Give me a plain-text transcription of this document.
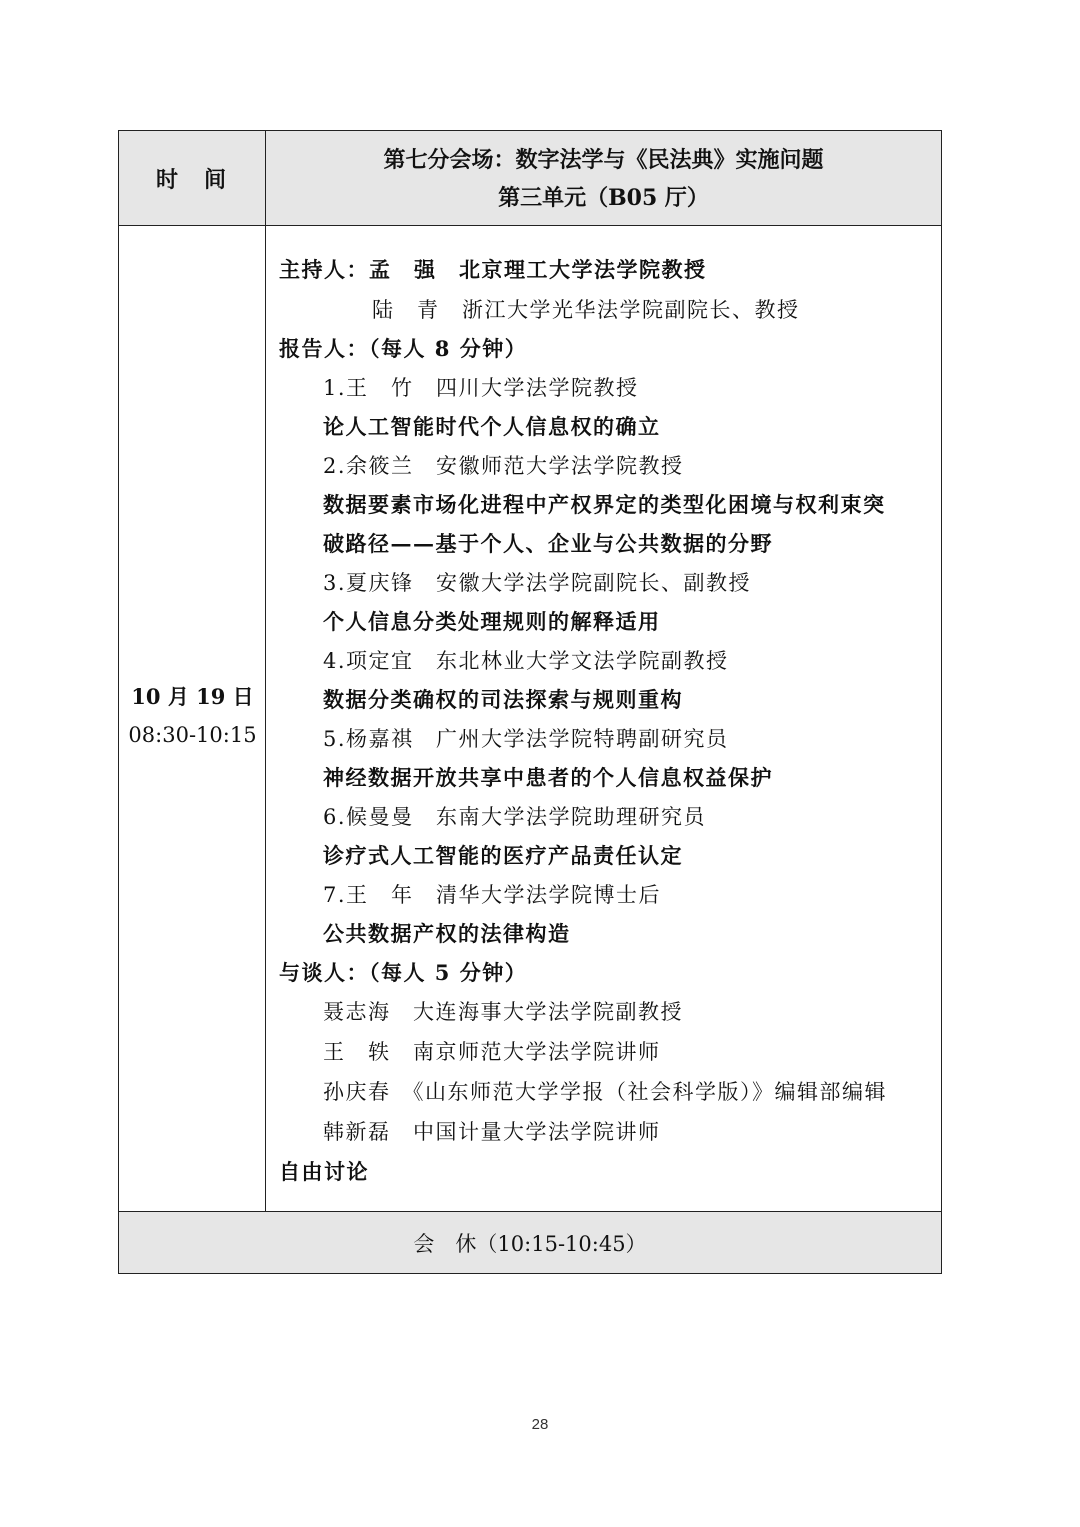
时　间
第七分会场：数字法学与《民法典》实施问题
第三单元（B05 厅）
10 月 19 日
08:30-10:15
主持人：孟　强　北京理工大学法学院教授
陆　青　浙江大学光华法学院副院长、教授
报告人：（每人 8 分钟）
1.王　竹　四川大学法学院教授
论人工智能时代个人信息权的确立
2.余筱兰　安徽师范大学法学院教授
数据要素市场化进程中产权界定的类型化困境与权利束突
破路径——基于个人、企业与公共数据的分野
3.夏庆锋　安徽大学法学院副院长、副教授
个人信息分类处理规则的解释适用
4.项定宜　东北林业大学文法学院副教授
数据分类确权的司法探索与规则重构
5.杨嘉祺　广州大学法学院特聘副研究员
神经数据开放共享中患者的个人信息权益保护
6.候曼曼　东南大学法学院助理研究员
诊疗式人工智能的医疗产品责任认定
7.王　年　清华大学法学院博士后
公共数据产权的法律构造
与谈人：（每人 5 分钟）
聂志海　大连海事大学法学院副教授
王　轶　南京师范大学法学院讲师
孙庆春　《山东师范大学学报（社会科学版）》编辑部编辑
韩新磊　中国计量大学法学院讲师
自由讨论
会　休（10:15-10:45）
28
